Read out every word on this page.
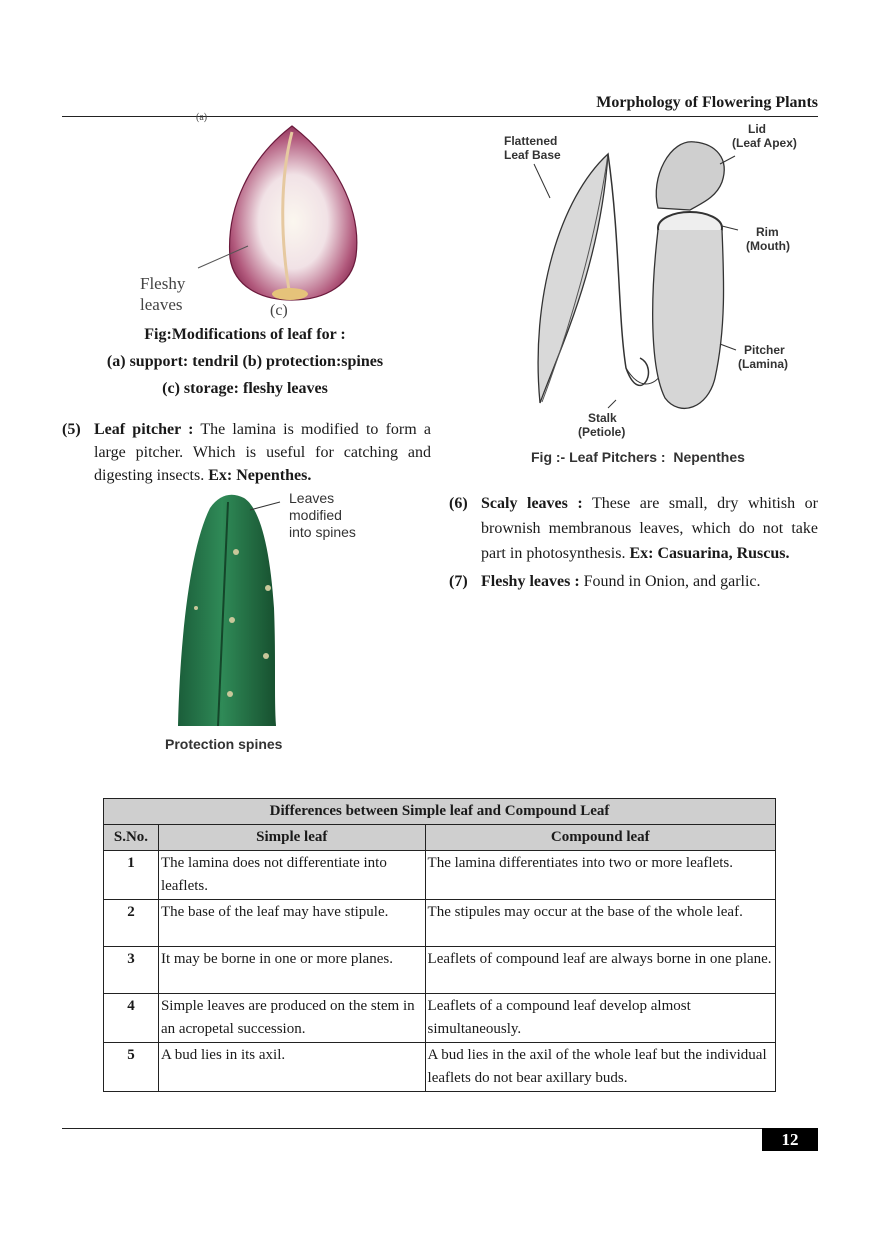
Morphology of Flowering Plants
(a)
Fleshy
leaves	(c)
Fig:Modifications of leaf for :
(a) support: tendril (b) protection:spines
(c) storage: fleshy leaves
Flattened
Leaf Base
Lid
(Leaf Apex)
Rim
(Mouth)
Pitcher
(Lamina)
Stalk
(Petiole)
Fig :- Leaf Pitchers :  Nepenthes
(5) Leaf pitcher : The lamina is modified to form a large pitcher. Which is useful for catching and digesting insects. Ex: Nepenthes.
Leaves
modified
into spines
Protection spines
(6) Scaly leaves : These are small, dry whitish or brownish membranous leaves, which do not take part in photosynthesis. Ex: Casuarina, Ruscus.
(7) Fleshy leaves : Found in Onion, and garlic.
Differences between Simple leaf and Compound Leaf		
S.No.	Simple leaf	Compound leaf
1	The lamina does not differentiate into leaflets.	The lamina differentiates into two or more leaflets.
2	The base of the leaf may have stipule.	The stipules may occur at the base of the whole leaf.
3	It may be borne in one or more planes.	Leaflets of compound leaf are always borne in one plane.
4	Simple leaves are produced on the stem in an acropetal succession.	Leaflets of a compound leaf develop almost simultaneously.
5	A bud lies in its axil.	A bud lies in the axil of the whole leaf but the individual leaflets do not bear axillary buds.
12
